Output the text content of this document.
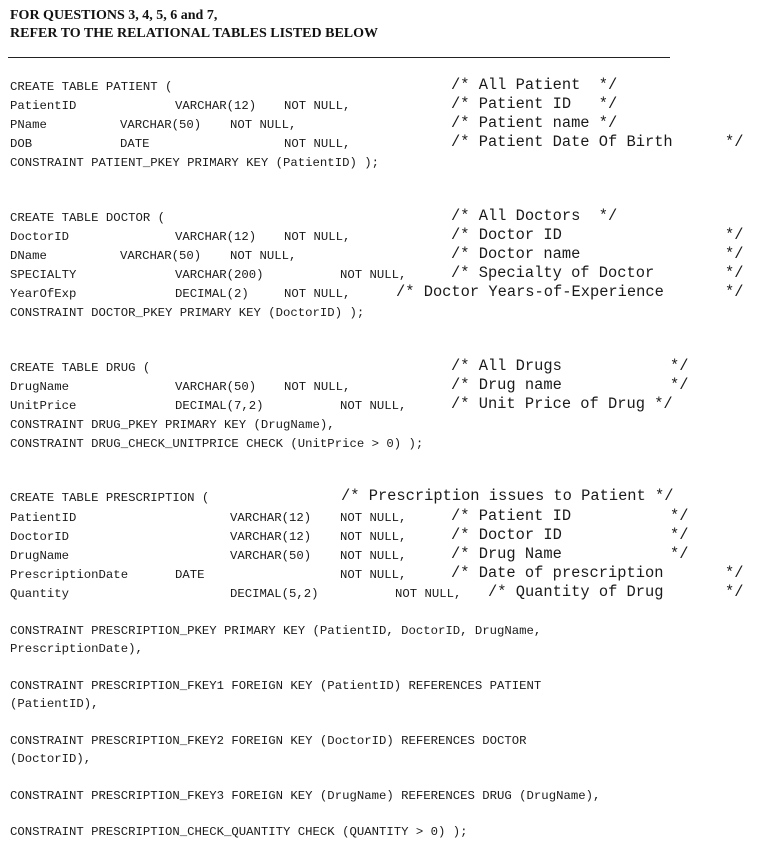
FOR QUESTIONS 3, 4, 5, 6 and 7,
REFER TO THE RELATIONAL TABLES LISTED BELOW
CREATE TABLE PATIENT (	/* All Patient  */
PatientID	VARCHAR(12) NOT NULL,	/* Patient ID   */
PName	VARCHAR(50) NOT NULL,	/* Patient name */
DOB	DATE	NOT NULL,	/* Patient Date Of Birth	*/
CONSTRAINT PATIENT_PKEY PRIMARY KEY (PatientID) );
CREATE TABLE DOCTOR (	/* All Doctors  */
DoctorID	VARCHAR(12) NOT NULL,	/* Doctor ID	*/
DName	VARCHAR(50) NOT NULL,	/* Doctor name	*/
SPECIALTY	VARCHAR(200)	NOT NULL,	/* Specialty of Doctor	*/
YearOfExp	DECIMAL(2)	NOT NULL,	/* Doctor Years-of-Experience	*/
CONSTRAINT DOCTOR_PKEY PRIMARY KEY (DoctorID) );
CREATE TABLE DRUG (	/* All Drugs	*/
DrugName	VARCHAR(50) NOT NULL,	/* Drug name	*/
UnitPrice	DECIMAL(7,2)	NOT NULL,	/* Unit Price of Drug */
CONSTRAINT DRUG_PKEY PRIMARY KEY (DrugName),
CONSTRAINT DRUG_CHECK_UNITPRICE CHECK (UnitPrice > 0) );
CREATE TABLE PRESCRIPTION (	/* Prescription issues to Patient */
PatientID	VARCHAR(12) NOT NULL,	/* Patient ID	*/
DoctorID	VARCHAR(12) NOT NULL,	/* Doctor ID	*/
DrugName	VARCHAR(50) NOT NULL,	/* Drug Name	*/
PrescriptionDate	DATE	NOT NULL,	/* Date of prescription	*/
Quantity	DECIMAL(5,2)	NOT NULL, /* Quantity of Drug	*/
CONSTRAINT PRESCRIPTION_PKEY PRIMARY KEY (PatientID, DoctorID, DrugName,
PrescriptionDate),
CONSTRAINT PRESCRIPTION_FKEY1 FOREIGN KEY (PatientID) REFERENCES PATIENT
(PatientID),
CONSTRAINT PRESCRIPTION_FKEY2 FOREIGN KEY (DoctorID) REFERENCES DOCTOR
(DoctorID),
CONSTRAINT PRESCRIPTION_FKEY3 FOREIGN KEY (DrugName) REFERENCES DRUG (DrugName),
CONSTRAINT PRESCRIPTION_CHECK_QUANTITY CHECK (QUANTITY > 0) );
